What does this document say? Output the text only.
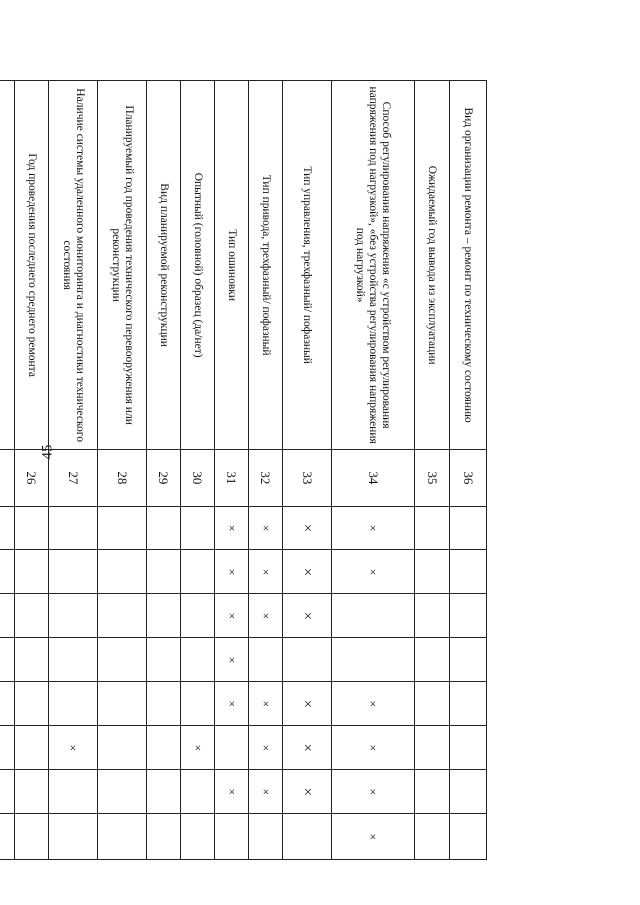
45
Вид организации ремонта – ремонт по техническому состоянию		36								
Ожидаемый год вывода из эксплуатации		35								
Способ регулирования напряжения «с устройством регулирования напряжения под нагрузкой», «без устройства регулирования напряжения под нагрузкой»		34	×	×			×	×	×	×
Тип управления, трехфазный/ пофазный		33	×	×	×		×	×	×	
Тип привода, трехфазный/ пофазный		32	×	×	×		×	×	×	
Тип ошиновки		31	×	×	×	×	×		×	
Опытный (головной) образец (да/нет)		30						×		
Вид планируемой реконструкции		29								
Планируемый год проведения технического перевооружения или реконструкции		28								
Наличие системы удаленного мониторинга и диагностики технического состояния		27						×		
Год проведения последнего среднего ремонта		26								
